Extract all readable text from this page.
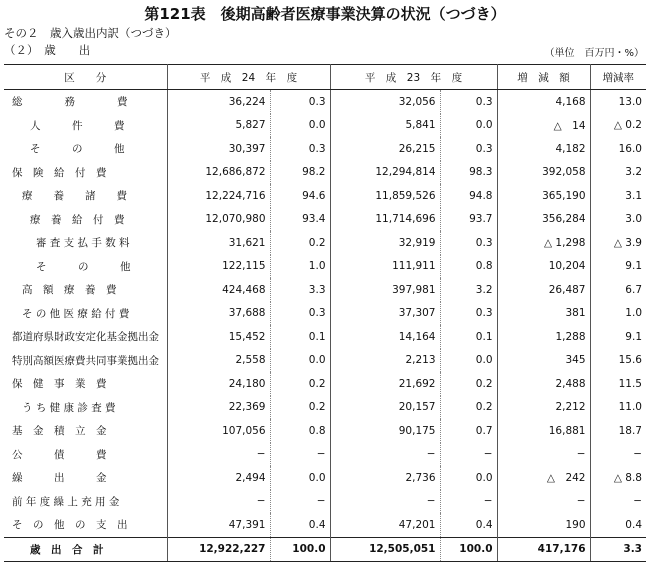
第121表　後期高齢者医療事業決算の状況（つづき）
その２　歳入歳出内訳（つづき）
（２）　歳　　出	（単位　百万円・%）
区　　分	平　成　24　年　度		平　成　23　年　度		増　減　額	増減率
総　　　　務　　　　費	36,224	0.3	32,056	0.3	4,168	13.0
人　　　件　　　費	5,827	0.0	5,841	0.0	△　14	△ 0.2
そ　　　の　　　他	30,397	0.3	26,215	0.3	4,182	16.0
保　険　給　付　費	12,686,872	98.2	12,294,814	98.3	392,058	3.2
療　　養　　諸　　費	12,224,716	94.6	11,859,526	94.8	365,190	3.1
療　養　給　付　費	12,070,980	93.4	11,714,696	93.7	356,284	3.0
審 査 支 払 手 数 料	31,621	0.2	32,919	0.3	△ 1,298	△ 3.9
そ　　　の　　　他	122,115	1.0	111,911	0.8	10,204	9.1
高　額　療　養　費	424,468	3.3	397,981	3.2	26,487	6.7
そ の 他 医 療 給 付 費	37,688	0.3	37,307	0.3	381	1.0
都道府県財政安定化基金拠出金	15,452	0.1	14,164	0.1	1,288	9.1
特別高額医療費共同事業拠出金	2,558	0.0	2,213	0.0	345	15.6
保　健　事　業　費	24,180	0.2	21,692	0.2	2,488	11.5
う ち 健 康 診 査 費	22,369	0.2	20,157	0.2	2,212	11.0
基　金　積　立　金	107,056	0.8	90,175	0.7	16,881	18.7
公　　　債　　　費	−	−	−	−	−	−
繰　　　出　　　金	2,494	0.0	2,736	0.0	△　242	△ 8.8
前 年 度 繰 上 充 用 金	−	−	−	−	−	−
そ　の　他　の　支　出	47,391	0.4	47,201	0.4	190	0.4
歳　出　合　計	12,922,227	100.0	12,505,051	100.0	417,176	3.3
